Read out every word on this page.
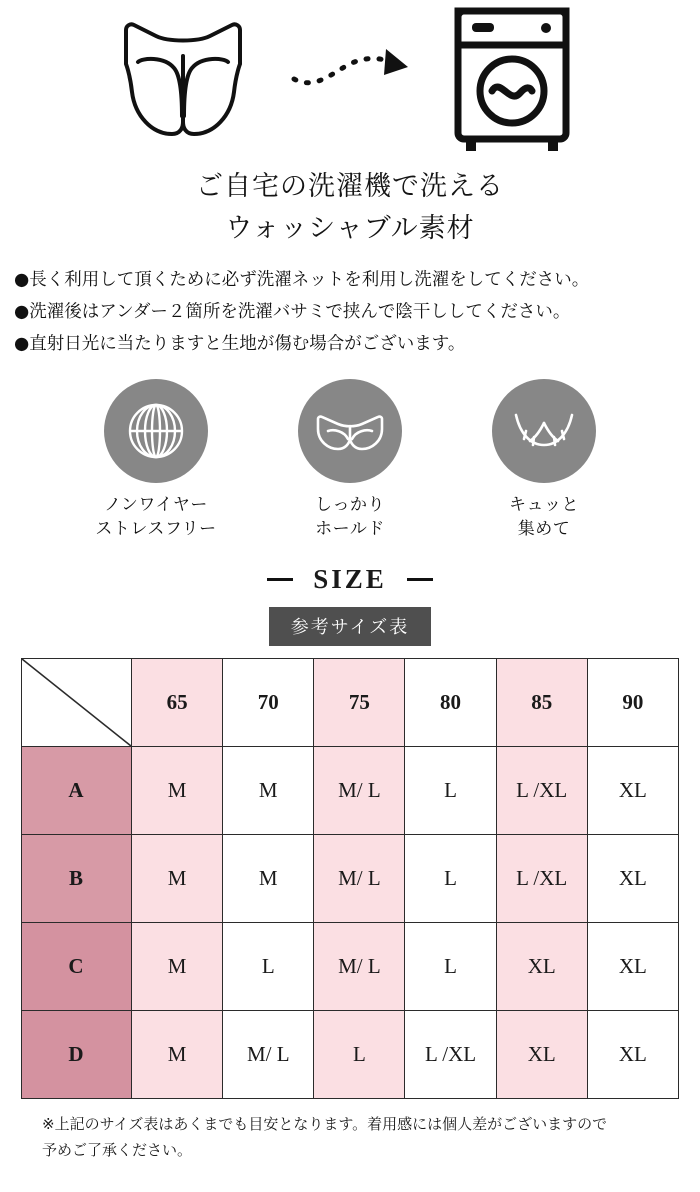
ご自宅の洗濯機で洗える
ウォッシャブル素材
●長く利用して頂くために必ず洗濯ネットを利用し洗濯をしてください。
●洗濯後はアンダー２箇所を洗濯バサミで挟んで陰干ししてください。
●直射日光に当たりますと生地が傷む場合がございます。
ノンワイヤー
ストレスフリー
しっかり
ホールド
キュッと
集めて
SIZE
参考サイズ表
	65	70	75	80	85	90
A	M	M	M/ L	L	L /XL	XL
B	M	M	M/ L	L	L /XL	XL
C	M	L	M/ L	L	XL	XL
D	M	M/ L	L	L /XL	XL	XL
※上記のサイズ表はあくまでも目安となります。着用感には個人差がございますので
予めご了承ください。
